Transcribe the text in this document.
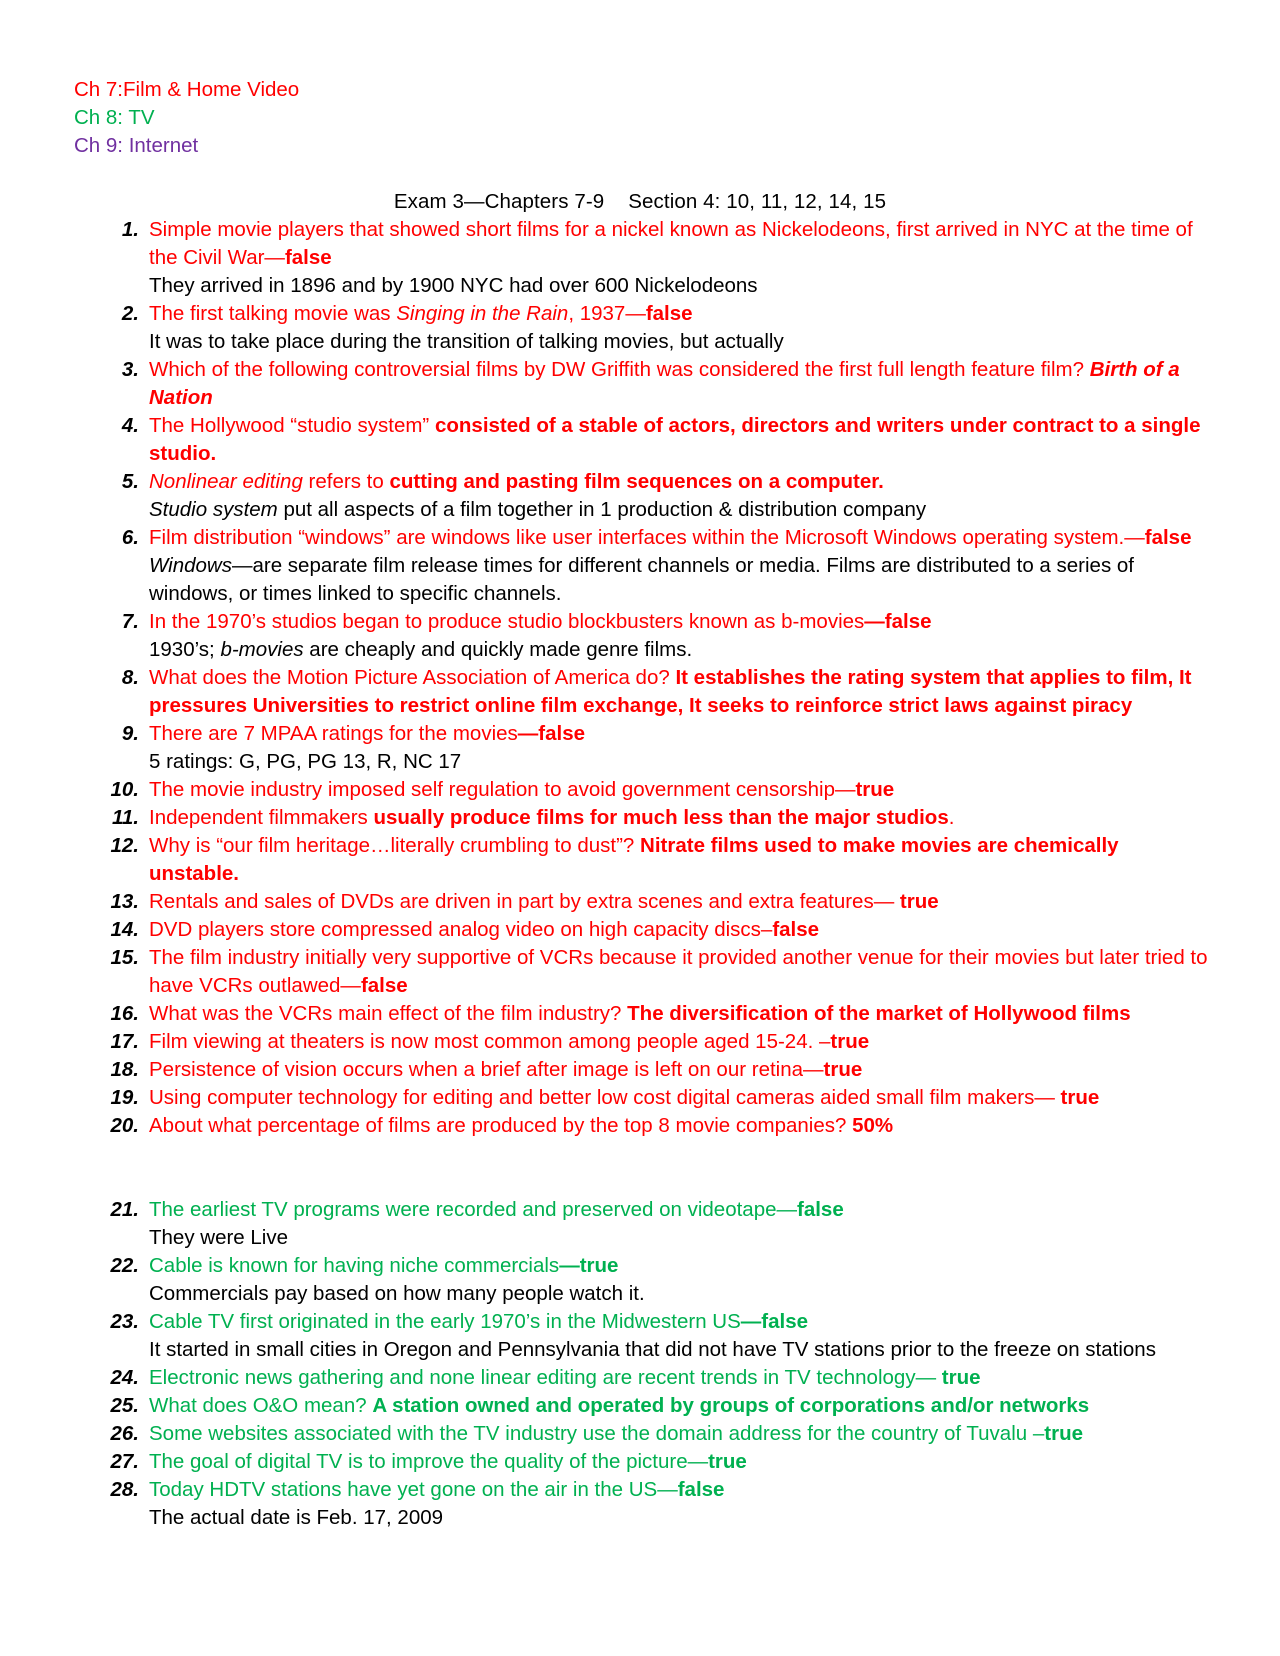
Ch 7:Film & Home Video
Ch 8: TV
Ch 9: Internet
Exam 3—Chapters 7-9 Section 4: 10, 11, 12, 14, 15
1. Simple movie players that showed short films for a nickel known as Nickelodeons, first arrived in NYC at the time of the Civil War—false
They arrived in 1896 and by 1900 NYC had over 600 Nickelodeons
2. The first talking movie was Singing in the Rain, 1937—false
It was to take place during the transition of talking movies, but actually
3. Which of the following controversial films by DW Griffith was considered the first full length feature film? Birth of a Nation
4. The Hollywood “studio system” consisted of a stable of actors, directors and writers under contract to a single studio.
5. Nonlinear editing refers to cutting and pasting film sequences on a computer.
Studio system put all aspects of a film together in 1 production & distribution company
6. Film distribution “windows” are windows like user interfaces within the Microsoft Windows operating system.—false
Windows—are separate film release times for different channels or media. Films are distributed to a series of windows, or times linked to specific channels.
7. In the 1970’s studios began to produce studio blockbusters known as b-movies—false
1930’s; b-movies are cheaply and quickly made genre films.
8. What does the Motion Picture Association of America do? It establishes the rating system that applies to film, It pressures Universities to restrict online film exchange, It seeks to reinforce strict laws against piracy
9. There are 7 MPAA ratings for the movies—false
5 ratings: G, PG, PG 13, R, NC 17
10. The movie industry imposed self regulation to avoid government censorship—true
11. Independent filmmakers usually produce films for much less than the major studios.
12. Why is “our film heritage…literally crumbling to dust”? Nitrate films used to make movies are chemically unstable.
13. Rentals and sales of DVDs are driven in part by extra scenes and extra features— true
14. DVD players store compressed analog video on high capacity discs–false
15. The film industry initially very supportive of VCRs because it provided another venue for their movies but later tried to have VCRs outlawed—false
16. What was the VCRs main effect of the film industry? The diversification of the market of Hollywood films
17. Film viewing at theaters is now most common among people aged 15-24. –true
18. Persistence of vision occurs when a brief after image is left on our retina—true
19. Using computer technology for editing and better low cost digital cameras aided small film makers— true
20. About what percentage of films are produced by the top 8 movie companies? 50%
21. The earliest TV programs were recorded and preserved on videotape—false
They were Live
22. Cable is known for having niche commercials—true
Commercials pay based on how many people watch it.
23. Cable TV first originated in the early 1970’s in the Midwestern US—false
It started in small cities in Oregon and Pennsylvania that did not have TV stations prior to the freeze on stations
24. Electronic news gathering and none linear editing are recent trends in TV technology— true
25. What does O&O mean? A station owned and operated by groups of corporations and/or networks
26. Some websites associated with the TV industry use the domain address for the country of Tuvalu –true
27. The goal of digital TV is to improve the quality of the picture—true
28. Today HDTV stations have yet gone on the air in the US—false
The actual date is Feb. 17, 2009
